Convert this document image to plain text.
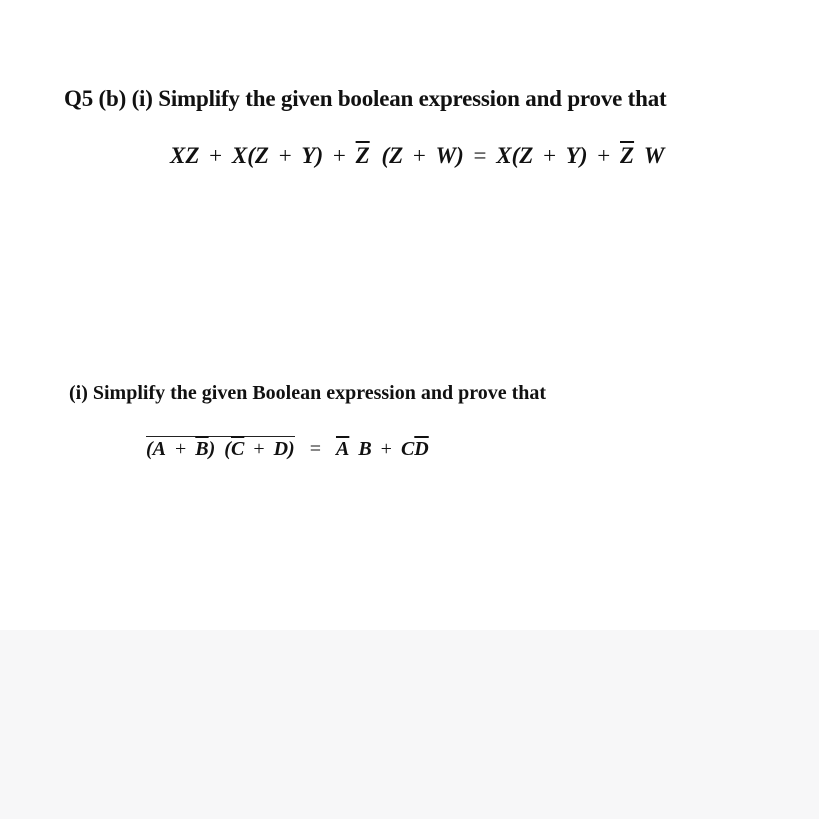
Q5 (b) (i) Simplify the given boolean expression and prove that
XZ + $X(Z + Y) + \overline{Z}$ $(Z + W) = X(Z + Y) + \overline{Z}$ W
(i) Simplify the given Boolean expression and prove that
$(A + \overline{B})$ $(\overline{C} + D) = \overline{A}$ $B + C\overline{D}$
